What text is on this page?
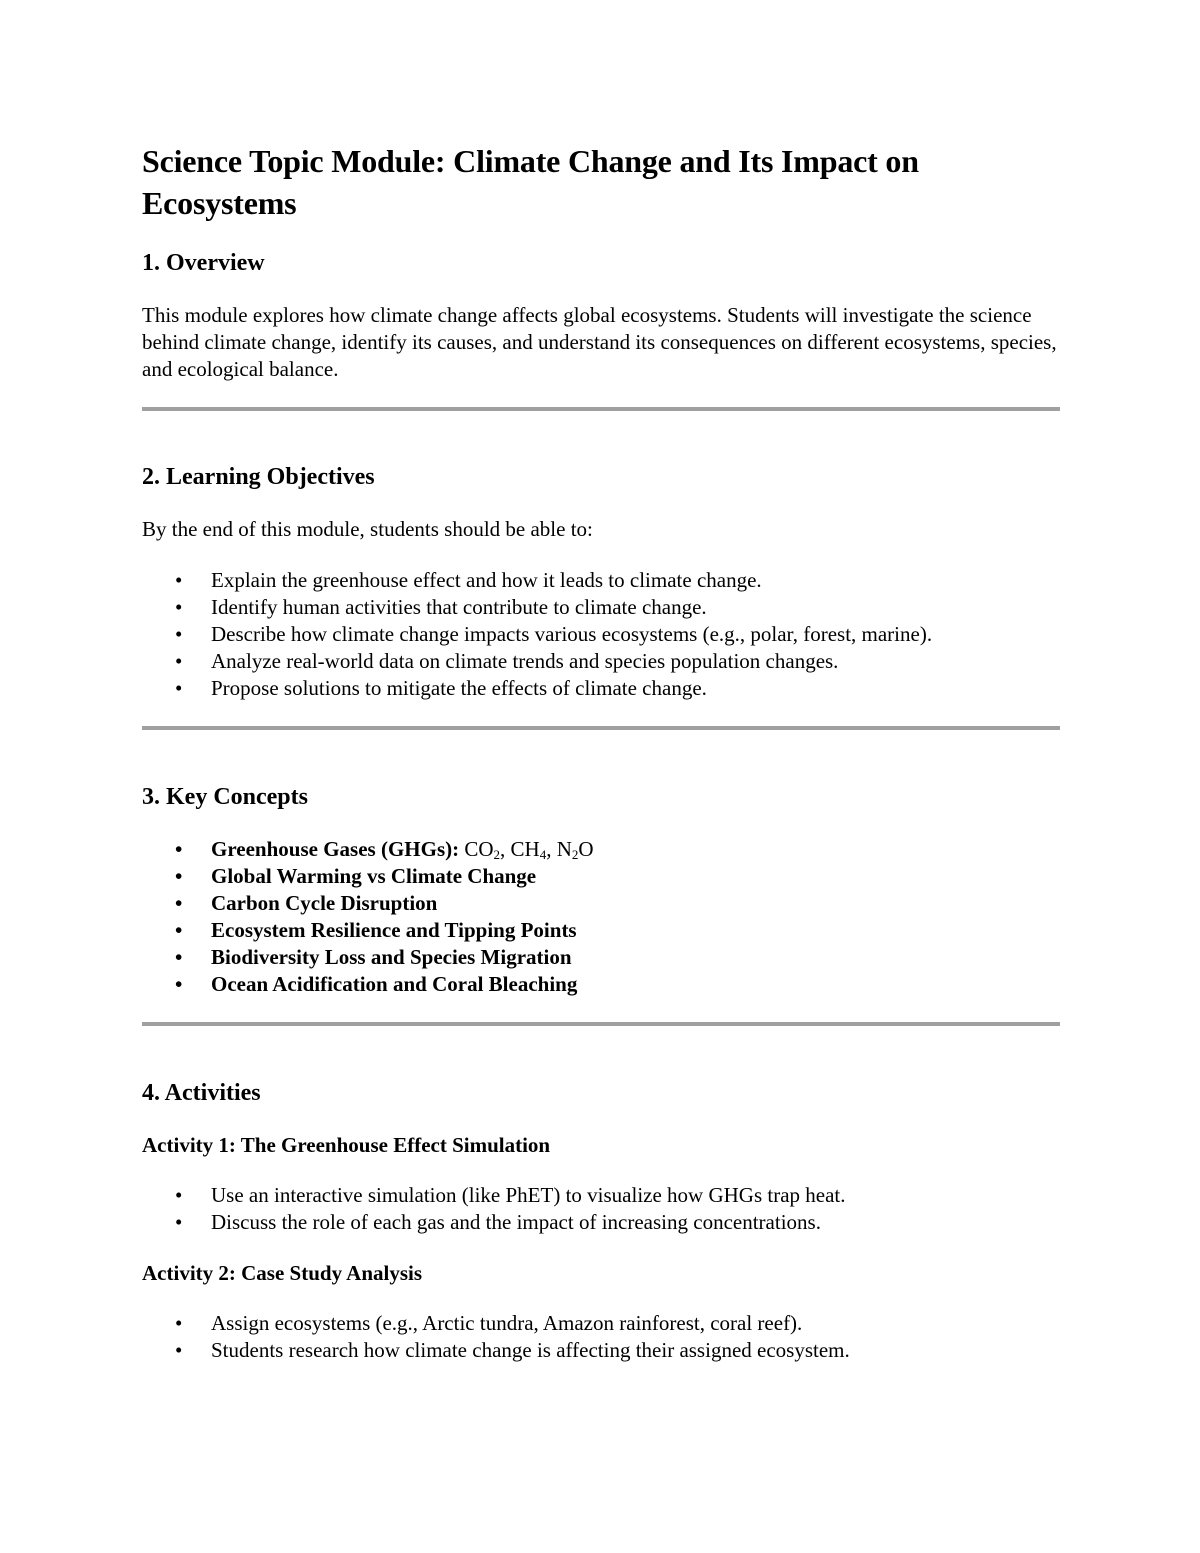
Science Topic Module: Climate Change and Its Impact on Ecosystems
1. Overview

This module explores how climate change affects global ecosystems. Students will investigate the science behind climate change, identify its causes, and understand its consequences on different ecosystems, species, and ecological balance.

2. Learning Objectives

By the end of this module, students should be able to:

• Explain the greenhouse effect and how it leads to climate change.
• Identify human activities that contribute to climate change.
• Describe how climate change impacts various ecosystems (e.g., polar, forest, marine).
• Analyze real-world data on climate trends and species population changes.
• Propose solutions to mitigate the effects of climate change.
3. Key Concepts
• Greenhouse Gases (GHGs): $CO_2$, $CH_4$, $N_2O$
• Global Warming vs Climate Change
• Carbon Cycle Disruption
• Ecosystem Resilience and Tipping Points
• Biodiversity Loss and Species Migration
• Ocean Acidification and Coral Bleaching
4. Activities
Activity 1: The Greenhouse Effect Simulation
• Use an interactive simulation (like PhET) to visualize how GHGs trap heat.
• Discuss the role of each gas and the impact of increasing concentrations.
Activity 2: Case Study Analysis
• Assign ecosystems (e.g., Arctic tundra, Amazon rainforest, coral reef).
• Students research how climate change is affecting their assigned ecosystem.
